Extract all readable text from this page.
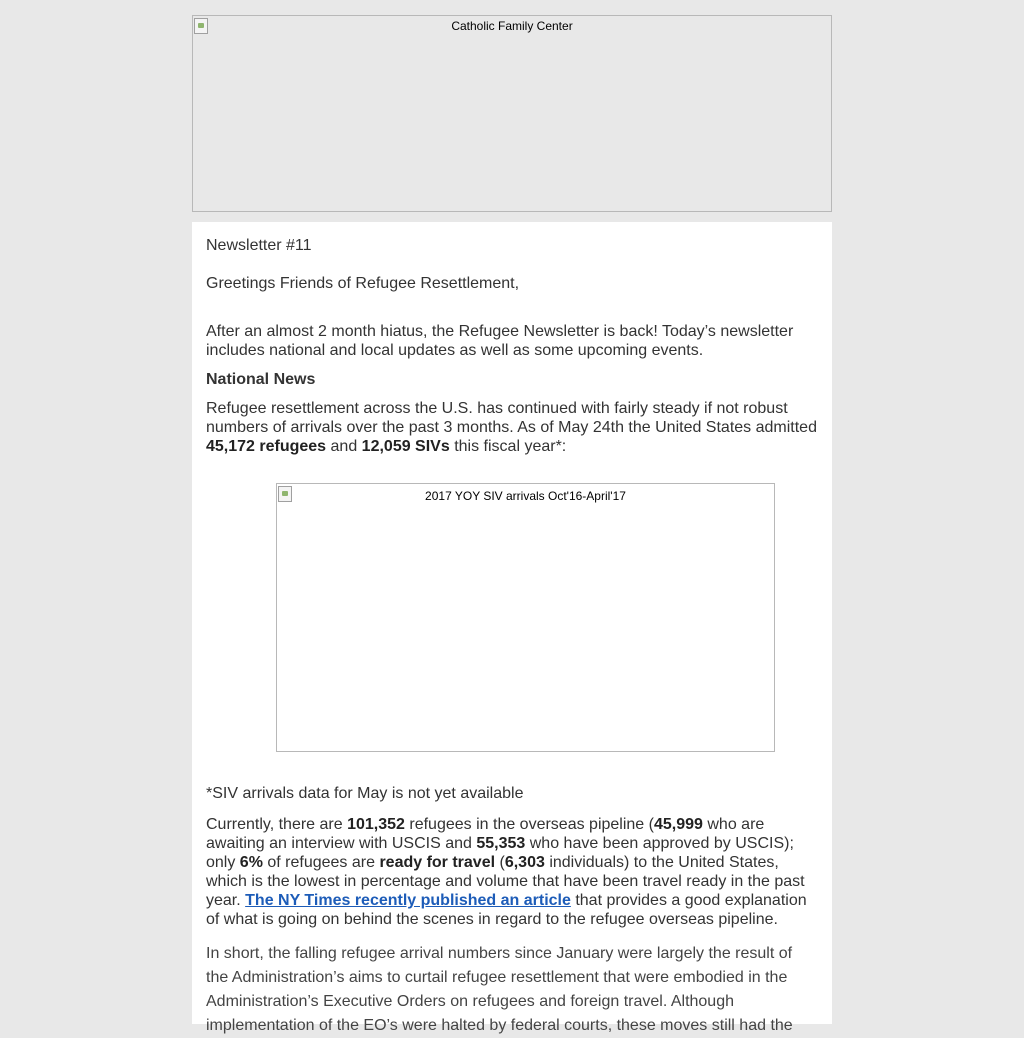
Catholic Family Center

Newsletter #11

Greetings Friends of Refugee Resettlement,

After an almost 2 month hiatus, the Refugee Newsletter is back! Today’s newsletter includes national and local updates as well as some upcoming events.

National News

Refugee resettlement across the U.S. has continued with fairly steady if not robust numbers of arrivals over the past 3 months. As of May 24th the United States admitted 45,172 refugees and 12,059 SIVs this fiscal year*:

2017 YOY SIV arrivals Oct'16-April'17

*SIV arrivals data for May is not yet available

Currently, there are 101,352 refugees in the overseas pipeline (45,999 who are awaiting an interview with USCIS and 55,353 who have been approved by USCIS); only 6% of refugees are ready for travel (6,303 individuals) to the United States, which is the lowest in percentage and volume that have been travel ready in the past year. The NY Times recently published an article that provides a good explanation of what is going on behind the scenes in regard to the refugee overseas pipeline.

In short, the falling refugee arrival numbers since January were largely the result of the Administration’s aims to curtail refugee resettlement that were embodied in the Administration’s Executive Orders on refugees and foreign travel. Although implementation of the EO’s were halted by federal courts, these moves still had the
